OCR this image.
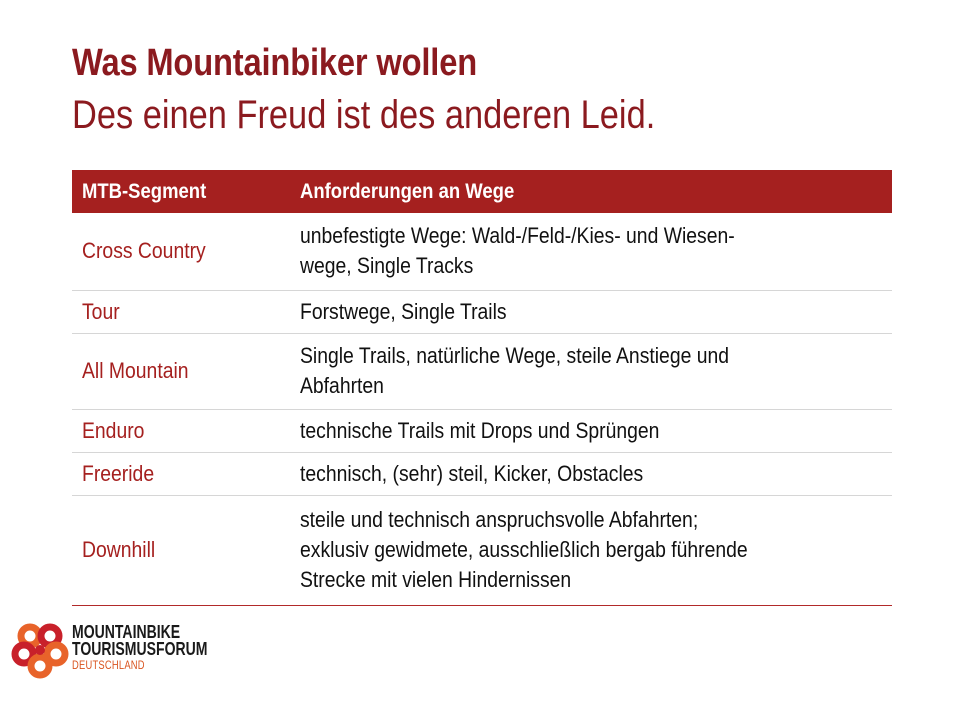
Was Mountainbiker wollen
Des einen Freud ist des anderen Leid.
MTB-Segment	Anforderungen an Wege
Cross Country	unbefestigte Wege: Wald-/Feld-/Kies- und Wiesen-
wege, Single Tracks

Tour	Forstwege, Single Trails

All Mountain	Single Trails, natürliche Wege, steile Anstiege und
Abfahrten

Enduro	technische Trails mit Drops und Sprüngen

Freeride	technisch, (sehr) steil, Kicker, Obstacles

Downhill	steile und technisch anspruchsvolle Abfahrten;
exklusiv gewidmete, ausschließlich bergab führende
Strecke mit vielen Hindernissen
MOUNTAINBIKE
TOURISMUSFORUM
DEUTSCHLAND
